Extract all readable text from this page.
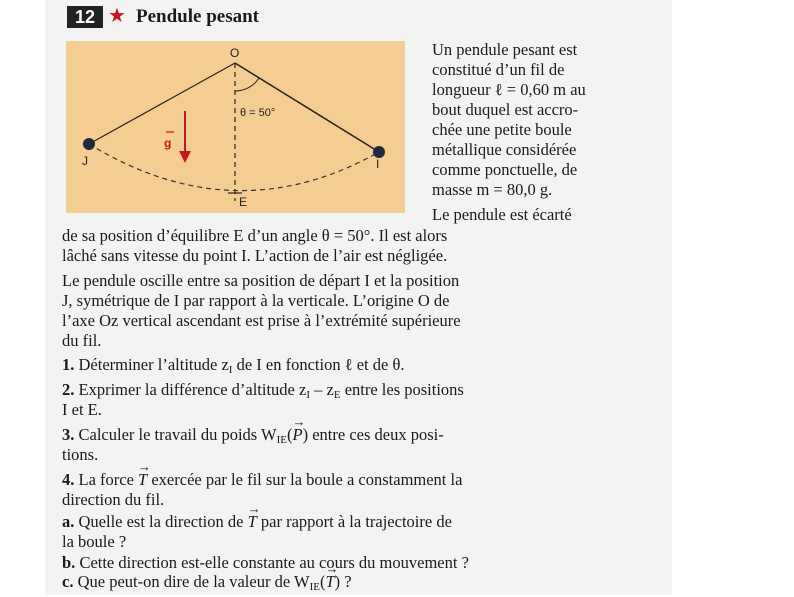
12 ★ Pendule pesant
O
E
I
J
g
θ = 50°
Un pendule pesant est
constitué d’un fil de
longueur ℓ = 0,60 m au
bout duquel est accro-
chée une petite boule
métallique considérée
comme ponctuelle, de
masse m = 80,0 g.
Le pendule est écarté
de sa position d’équilibre E d’un angle θ = 50°. Il est alors
lâché sans vitesse du point I. L’action de l’air est négligée.
Le pendule oscille entre sa position de départ I et la position
J, symétrique de I par rapport à la verticale. L’origine O de
l’axe Oz vertical ascendant est prise à l’extrémité supérieure
du fil.
1. Déterminer l’altitude $z_I$ de I en fonction ℓ et de θ.
2. Exprimer la différence d’altitude $z_I - z_E$ entre les positions
I et E.
3. Calculer le travail du poids $W_{IE}(\to P)$ entre ces deux posi-
tions.
4. La force → T exercée par le fil sur la boule a constamment la
direction du fil.
a. Quelle est la direction de → T par rapport à la trajectoire de
la boule ?
b. Cette direction est-elle constante au cours du mouvement ?
c. Que peut-on dire de la valeur de $W_{IE}(\to T)$ ?
